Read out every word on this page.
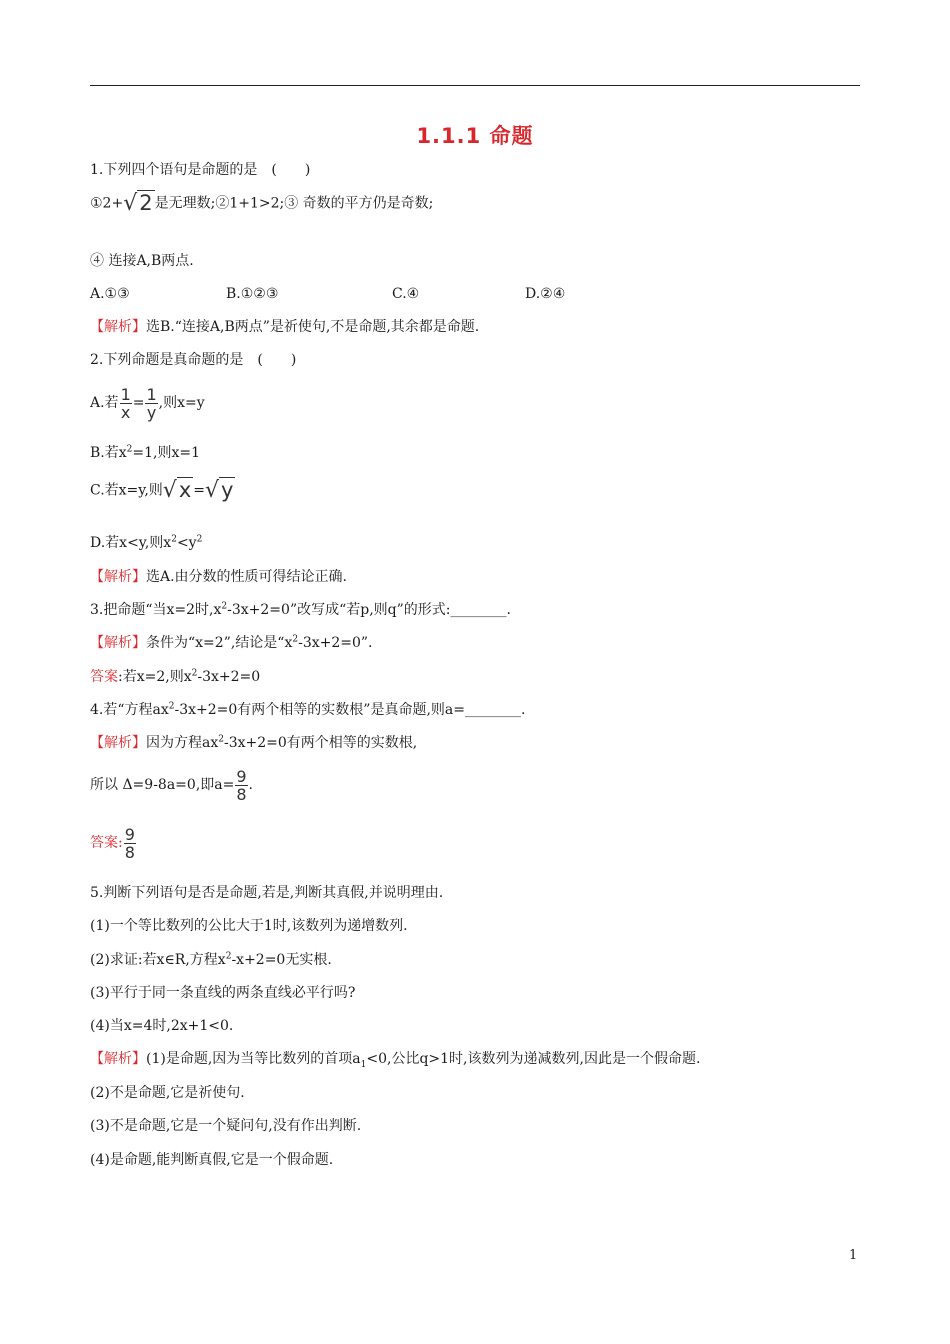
1.1.1 命题
1.下列四个语句是命题的是　(　　)
①2+√2 是无理数;②1+1>2;③ 奇数的平方仍是奇数;
④ 连接A,B两点.
A.①③	B.①②③	C.④	D.②④
【解析】选B.“连接A,B两点”是祈使句,不是命题,其余都是命题.
2.下列命题是真命题的是　(　　)
A.若 $\frac{1}{x} = \frac{1}{y}$ ,则x=y
B.若$x^2=1$,则x=1
C.若x=y,则√x =√y
D.若x<y,则$x^2<y^2$
【解析】选A.由分数的性质可得结论正确.
3.把命题“当x=2时$,x^2-3x+2=0$”改写成“若p,则q”的形式:________.
【解析】条件为“x=2”,结论是“$x^2-3x+2=0$”.
答案:若x=2,则$x^2-3x+2=0$
4.若“方程$ax^2-3x+2=0$有两个相等的实数根”是真命题,则a=________.
【解析】因为方程$ax^2-3x+2=0$有两个相等的实数根,
所以 Δ=9-8a=0,即$a= \frac{9}{8}$ .
答案: $\frac{9}{8}$
5.判断下列语句是否是命题,若是,判断其真假,并说明理由.
(1)一个等比数列的公比大于1时,该数列为递增数列.
(2)求证:若x∈R,方程$x^2-x+2=0$无实根.
(3)平行于同一条直线的两条直线必平行吗?
(4)当x=4时,2x+1<0.
【解析】(1)是命题,因为当等比数列的首项$a_1<0$,公比q>1时,该数列为递减数列,因此是一个假命题.
(2)不是命题,它是祈使句.
(3)不是命题,它是一个疑问句,没有作出判断.
(4)是命题,能判断真假,它是一个假命题.
1
